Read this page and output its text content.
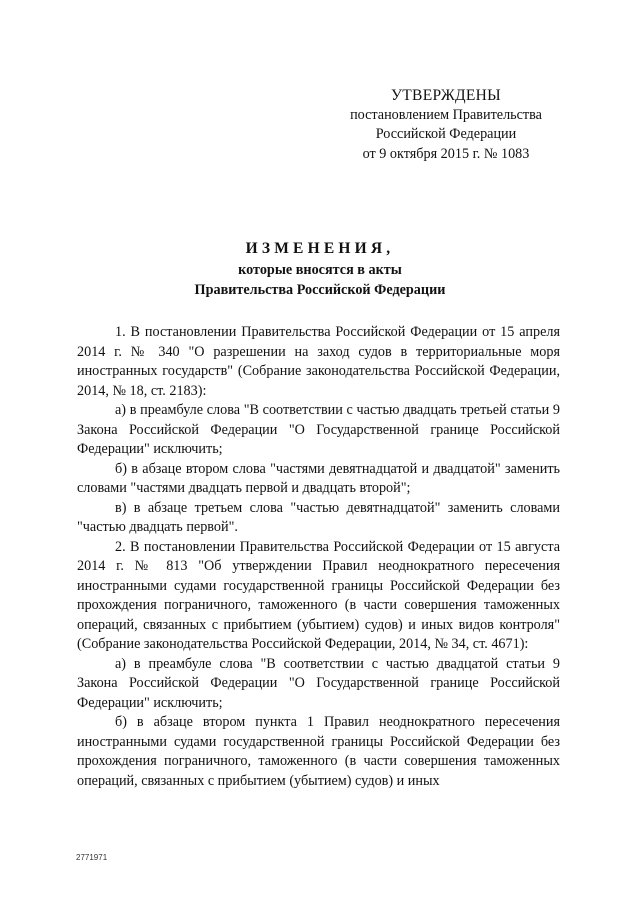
УТВЕРЖДЕНЫ
постановлением Правительства
Российской Федерации
от 9 октября 2015 г. № 1083
ИЗМЕНЕНИЯ,
которые вносятся в акты
Правительства Российской Федерации

1. В постановлении Правительства Российской Федерации от 15 апреля 2014 г. № 340 "О разрешении на заход судов в территориальные моря иностранных государств" (Собрание законодательства Российской Федерации, 2014, № 18, ст. 2183):

а) в преамбуле слова "В соответствии с частью двадцать третьей статьи 9 Закона Российской Федерации "О Государственной границе Российской Федерации" исключить;

б) в абзаце втором слова "частями девятнадцатой и двадцатой" заменить словами "частями двадцать первой и двадцать второй";

в) в абзаце третьем слова "частью девятнадцатой" заменить словами "частью двадцать первой".

2. В постановлении Правительства Российской Федерации от 15 августа 2014 г. № 813 "Об утверждении Правил неоднократного пересечения иностранными судами государственной границы Российской Федерации без прохождения пограничного, таможенного (в части совершения таможенных операций, связанных с прибытием (убытием) судов) и иных видов контроля" (Собрание законодательства Российской Федерации, 2014, № 34, ст. 4671):

а) в преамбуле слова "В соответствии с частью двадцатой статьи 9 Закона Российской Федерации "О Государственной границе Российской Федерации" исключить;

б) в абзаце втором пункта 1 Правил неоднократного пересечения иностранными судами государственной границы Российской Федерации без прохождения пограничного, таможенного (в части совершения таможенных операций, связанных с прибытием (убытием) судов) и иных

2771971
